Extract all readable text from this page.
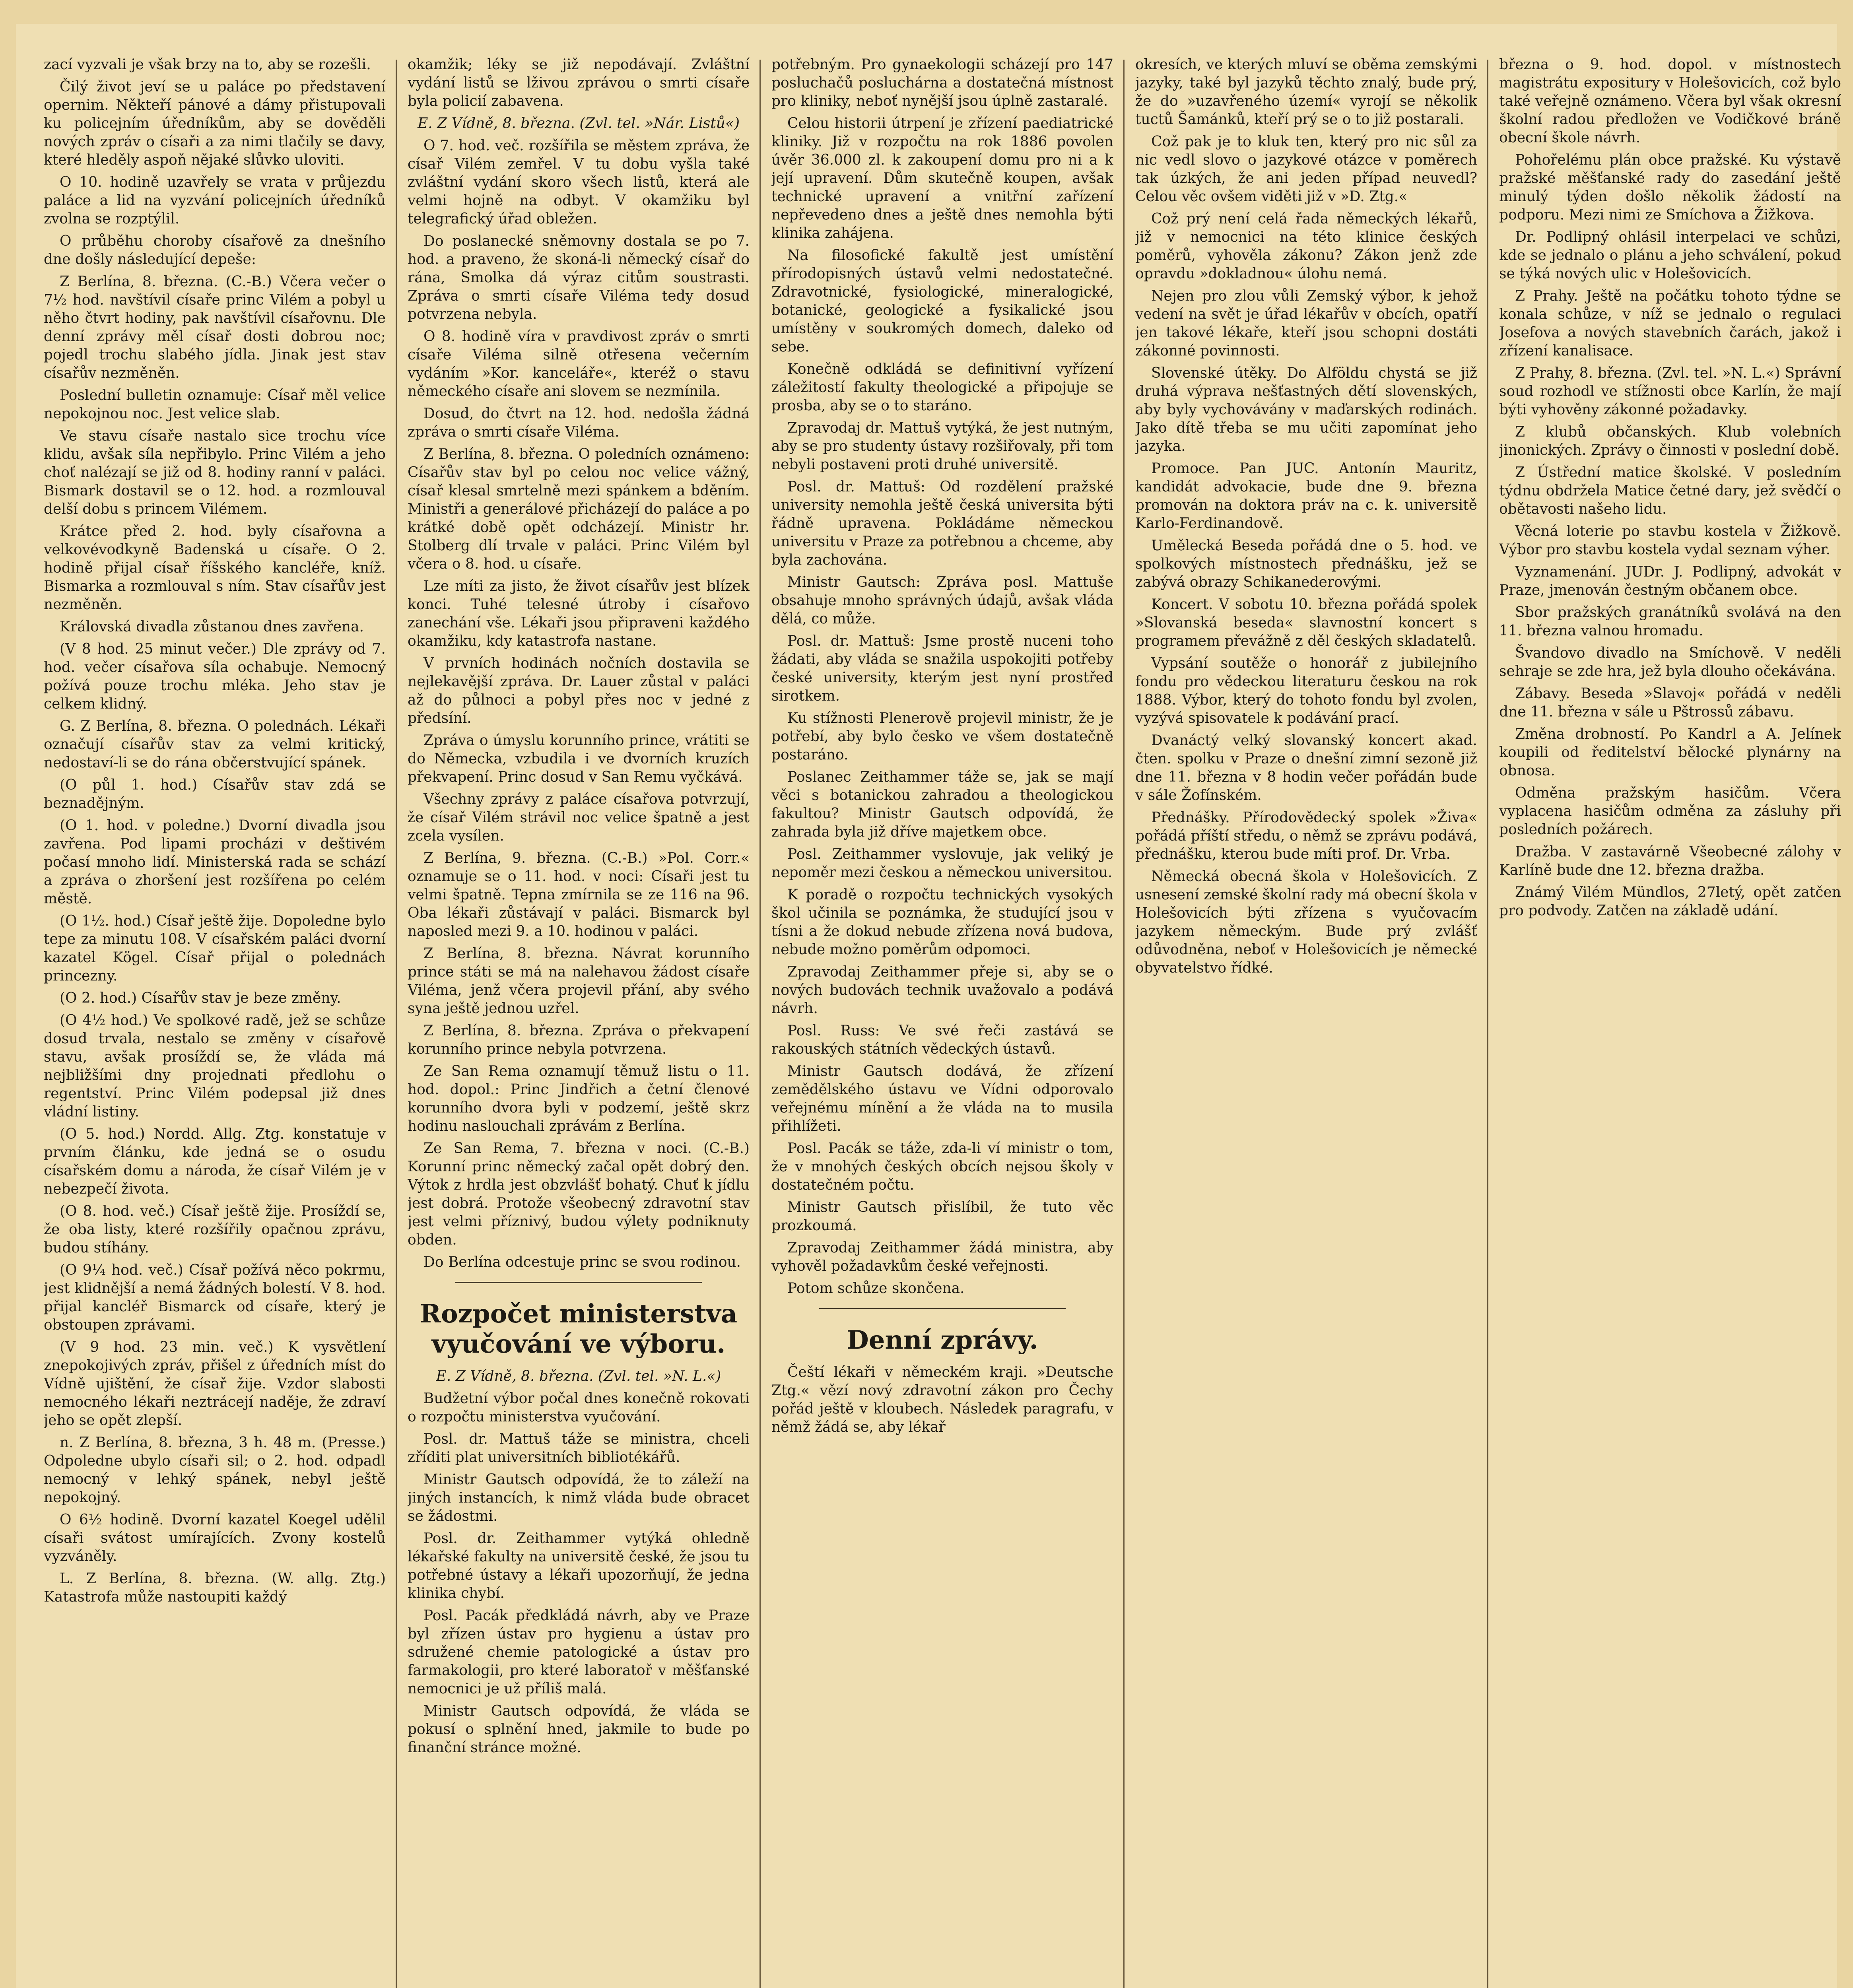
zací vyzvali je však brzy na to, aby se rozešli.

Čilý život jeví se u paláce po představení opernim. Někteří pánové a dámy přistupovali ku policejním úředníkům, aby se dověděli nových zpráv o císaři a za nimi tlačily se davy, které hleděly aspoň nějaké slůvko uloviti.

O 10. hodině uzavřely se vrata v průjezdu paláce a lid na vyzvání policejních úředníků zvolna se rozptýlil.

O průběhu choroby císařově za dnešního dne došly následující depeše:

Z Berlína, 8. března. (C.-B.) Včera večer o 7½ hod. navštívil císaře princ Vilém a pobyl u něho čtvrt hodiny, pak navštívil císařovnu. Dle denní zprávy měl císař dosti dobrou noc; pojedl trochu slabého jídla. Jinak jest stav císařův nezměněn.

Poslední bulletin oznamuje: Císař měl velice nepokojnou noc. Jest velice slab.

Ve stavu císaře nastalo sice trochu více klidu, avšak síla nepřibylo. Princ Vilém a jeho choť nalézají se již od 8. hodiny ranní v paláci. Bismark dostavil se o 12. hod. a rozmlouval delší dobu s princem Vilémem.

Krátce před 2. hod. byly císařovna a velkovévodkyně Badenská u císaře. O 2. hodině přijal císař říšského kancléře, kníž. Bismarka a rozmlouval s ním. Stav císařův jest nezměněn.

Královská divadla zůstanou dnes zavřena.

(V 8 hod. 25 minut večer.) Dle zprávy od 7. hod. večer císařova síla ochabuje. Nemocný požívá pouze trochu mléka. Jeho stav je celkem klidný.

G. Z Berlína, 8. března. O polednách. Lékaři označují císařův stav za velmi kritický, nedostaví-li se do rána občerstvující spánek.

(O půl 1. hod.) Císařův stav zdá se beznadějným.

(O 1. hod. v poledne.) Dvorní divadla jsou zavřena. Pod lipami procházi v deštivém počasí mnoho lidí. Ministerská rada se schází a zpráva o zhoršení jest rozšířena po celém městě.

(O 1½. hod.) Císař ještě žije. Dopoledne bylo tepe za minutu 108. V císařském paláci dvorní kazatel Kögel. Císař přijal o polednách princezny.

(O 2. hod.) Císařův stav je beze změny.

(O 4½ hod.) Ve spolkové radě, jež se schůze dosud trvala, nestalo se změny v císařově stavu, avšak prosíždí se, že vláda má nejbližšími dny projednati předlohu o regentství. Princ Vilém podepsal již dnes vládní listiny.

(O 5. hod.) Nordd. Allg. Ztg. konstatuje v prvním článku, kde jedná se o osudu císařském domu a národa, že císař Vilém je v nebezpečí života.

(O 8. hod. več.) Císař ještě žije. Prosíždí se, že oba listy, které rozšířily opačnou zprávu, budou stíhány.

(O 9¼ hod. več.) Císař požívá něco pokrmu, jest klidnější a nemá žádných bolestí. V 8. hod. přijal kancléř Bismarck od císaře, který je obstoupen zprávami.

(V 9 hod. 23 min. več.) K vysvětlení znepokojivých zpráv, přišel z úředních míst do Vídně ujištění, že císař žije. Vzdor slabosti nemocného lékaři neztrácejí naděje, že zdraví jeho se opět zlepší.

n. Z Berlína, 8. března, 3 h. 48 m. (Presse.) Odpoledne ubylo císaři sil; o 2. hod. odpadl nemocný v lehký spánek, nebyl ještě nepokojný.

O 6½ hodině. Dvorní kazatel Koegel udělil císaři svátost umírajících. Zvony kostelů vyzváněly.

L. Z Berlína, 8. března. (W. allg. Ztg.) Katastrofa může nastoupiti každý

okamžik; léky se již nepodávají. Zvláštní vydání listů se lživou zprávou o smrti císaře byla policií zabavena.

E. Z Vídně, 8. března. (Zvl. tel. »Nár. Listů«)

O 7. hod. več. rozšířila se městem zpráva, že císař Vilém zemřel. V tu dobu vyšla také zvláštní vydání skoro všech listů, která ale velmi hojně na odbyt. V okamžiku byl telegrafický úřad obležen.

Do poslanecké sněmovny dostala se po 7. hod. a praveno, že skoná-li německý císař do rána, Smolka dá výraz citům soustrasti. Zpráva o smrti císaře Viléma tedy dosud potvrzena nebyla.

O 8. hodině víra v pravdivost zpráv o smrti císaře Viléma silně otřesena večerním vydáním »Kor. kanceláře«, kteréž o stavu německého císaře ani slovem se nezmínila.

Dosud, do čtvrt na 12. hod. nedošla žádná zpráva o smrti císaře Viléma.

Z Berlína, 8. března. O poledních oznámeno: Císařův stav byl po celou noc velice vážný, císař klesal smrtelně mezi spánkem a bděním. Ministři a generálové přicházejí do paláce a po krátké době opět odcházejí. Ministr hr. Stolberg dlí trvale v paláci. Princ Vilém byl včera o 8. hod. u císaře.

Lze míti za jisto, že život císařův jest blízek konci. Tuhé telesné útroby i císařovo zanechání vše. Lékaři jsou připraveni každého okamžiku, kdy katastrofa nastane.

V prvních hodinách nočních dostavila se nejlekavější zpráva. Dr. Lauer zůstal v paláci až do půlnoci a pobyl přes noc v jedné z předsíní.

Zpráva o úmyslu korunního prince, vrátiti se do Německa, vzbudila i ve dvorních kruzích překvapení. Princ dosud v San Remu vyčkává.

Všechny zprávy z paláce císařova potvrzují, že císař Vilém strávil noc velice špatně a jest zcela vysílen.

Z Berlína, 9. března. (C.-B.) »Pol. Corr.« oznamuje se o 11. hod. v noci: Císaři jest tu velmi špatně. Tepna zmírnila se ze 116 na 96. Oba lékaři zůstávají v paláci. Bismarck byl naposled mezi 9. a 10. hodinou v paláci.

Z Berlína, 8. března. Návrat korunního prince státi se má na nalehavou žádost císaře Viléma, jenž včera projevil přání, aby svého syna ještě jednou uzřel.

Z Berlína, 8. března. Zpráva o překvapení korunního prince nebyla potvrzena.

Ze San Rema oznamují těmuž listu o 11. hod. dopol.: Princ Jindřich a četní členové korunního dvora byli v podzemí, ještě skrz hodinu naslouchali zprávám z Berlína.

Ze San Rema, 7. března v noci. (C.-B.) Korunní princ německý začal opět dobrý den. Výtok z hrdla jest obzvlášť bohatý. Chuť k jídlu jest dobrá. Protože všeobecný zdravotní stav jest velmi příznivý, budou výlety podniknuty obden.

Do Berlína odcestuje princ se svou rodinou.

Rozpočet ministerstva vyučování ve výboru.

E. Z Vídně, 8. března. (Zvl. tel. »N. L.«)

Budžetní výbor počal dnes konečně rokovati o rozpočtu ministerstva vyučování.

Posl. dr. Mattuš táže se ministra, chceli zříditi plat universitních bibliotékářů.

Ministr Gautsch odpovídá, že to záleží na jiných instancích, k nimž vláda bude obracet se žádostmi.

Posl. dr. Zeithammer vytýká ohledně lékařské fakulty na universitě české, že jsou tu potřebné ústavy a lékaři upozorňují, že jedna klinika chybí.

Posl. Pacák předkládá návrh, aby ve Praze byl zřízen ústav pro hygienu a ústav pro sdružené chemie patologické a ústav pro farmakologii, pro které laboratoř v měšťanské nemocnici je už příliš malá.

Ministr Gautsch odpovídá, že vláda se pokusí o splnění hned, jakmile to bude po finanční stránce možné.

potřebným. Pro gynaekologii scházejí pro 147 posluchačů posluchárna a dostatečná místnost pro kliniky, neboť nynější jsou úplně zastaralé.

Celou historii útrpení je zřízení paediatrické kliniky. Již v rozpočtu na rok 1886 povolen úvěr 36.000 zl. k zakoupení domu pro ni a k její upravení. Dům skutečně koupen, avšak technické upravení a vnitřní zařízení nepřevedeno dnes a ještě dnes nemohla býti klinika zahájena.

Na filosofické fakultě jest umístění přírodopisných ústavů velmi nedostatečné. Zdravotnické, fysiologické, mineralogické, botanické, geologické a fysikalické jsou umístěny v soukromých domech, daleko od sebe.

Konečně odkládá se definitivní vyřízení záležitostí fakulty theologické a připojuje se prosba, aby se o to staráno.

Zpravodaj dr. Mattuš vytýká, že jest nutným, aby se pro studenty ústavy rozšiřovaly, při tom nebyli postaveni proti druhé universitě.

Posl. dr. Mattuš: Od rozdělení pražské university nemohla ještě česká universita býti řádně upravena. Pokládáme německou universitu v Praze za potřebnou a chceme, aby byla zachována.

Ministr Gautsch: Zpráva posl. Mattuše obsahuje mnoho správných údajů, avšak vláda dělá, co může.

Posl. dr. Mattuš: Jsme prostě nuceni toho žádati, aby vláda se snažila uspokojiti potřeby české university, kterým jest nyní prostřed sirotkem.

Ku stížnosti Plenerově projevil ministr, že je potřebí, aby bylo česko ve všem dostatečně postaráno.

Poslanec Zeithammer táže se, jak se mají věci s botanickou zahradou a theologickou fakultou? Ministr Gautsch odpovídá, že zahrada byla již dříve majetkem obce.

Posl. Zeithammer vyslovuje, jak veliký je nepoměr mezi českou a německou universitou.

K poradě o rozpočtu technických vysokých škol učinila se poznámka, že studující jsou v tísni a že dokud nebude zřízena nová budova, nebude možno poměrům odpomoci.

Zpravodaj Zeithammer přeje si, aby se o nových budovách technik uvažovalo a podává návrh.

Posl. Russ: Ve své řeči zastává se rakouských státních vědeckých ústavů.

Ministr Gautsch dodává, že zřízení zemědělského ústavu ve Vídni odporovalo veřejnému mínění a že vláda na to musila přihlížeti.

Posl. Pacák se táže, zda-li ví ministr o tom, že v mnohých českých obcích nejsou školy v dostatečném počtu.

Ministr Gautsch přislíbil, že tuto věc prozkoumá.

Zpravodaj Zeithammer žádá ministra, aby vyhověl požadavkům české veřejnosti.

Potom schůze skončena.

Denní zprávy.

Čeští lékaři v německém kraji. »Deutsche Ztg.« vězí nový zdravotní zákon pro Čechy pořád ještě v kloubech. Následek paragrafu, v němž žádá se, aby lékař

okresích, ve kterých mluví se oběma zemskými jazyky, také byl jazyků těchto znalý, bude prý, že do »uzavřeného území« vyrojí se několik tuctů Šamánků, kteří prý se o to již postarali.

Což pak je to kluk ten, který pro nic sůl za nic vedl slovo o jazykové otázce v poměrech tak úzkých, že ani jeden případ neuvedl? Celou věc ovšem viděti již v »D. Ztg.«

Což prý není celá řada německých lékařů, již v nemocnici na této klinice českých poměrů, vyhověla zákonu? Zákon jenž zde opravdu »dokladnou« úlohu nemá.

Nejen pro zlou vůli Zemský výbor, k jehož vedení na svět je úřad lékařův v obcích, opatří jen takové lékaře, kteří jsou schopni dostáti zákonné povinnosti.

Slovenské útěky. Do Alföldu chystá se již druhá výprava nešťastných dětí slovenských, aby byly vychovávány v maďarských rodinách. Jako dítě třeba se mu učiti zapomínat jeho jazyka.

Promoce. Pan JUC. Antonín Mauritz, kandidát advokacie, bude dne 9. března promován na doktora práv na c. k. universitě Karlo-Ferdinandově.

Umělecká Beseda pořádá dne o 5. hod. ve spolkových místnostech přednášku, jež se zabývá obrazy Schikanederovými.

Koncert. V sobotu 10. března pořádá spolek »Slovanská beseda« slavnostní koncert s programem převážně z děl českých skladatelů.

Vypsání soutěže o honorář z jubilejního fondu pro vědeckou literaturu českou na rok 1888. Výbor, který do tohoto fondu byl zvolen, vyzývá spisovatele k podávání prací.

Dvanáctý velký slovanský koncert akad. čten. spolku v Praze o dnešní zimní sezoně již dne 11. března v 8 hodin večer pořádán bude v sále Žofínském.

Přednášky. Přírodovědecký spolek »Živa« pořádá příští středu, o němž se zprávu podává, přednášku, kterou bude míti prof. Dr. Vrba.

Německá obecná škola v Holešovicích. Z usnesení zemské školní rady má obecní škola v Holešovicích býti zřízena s vyučovacím jazykem německým. Bude prý zvlášť odůvodněna, neboť v Holešovicích je německé obyvatelstvo řídké.

března o 9. hod. dopol. v místnostech magistrátu expositury v Holešovicích, což bylo také veřejně oznámeno. Včera byl však okresní školní radou předložen ve Vodičkové bráně obecní škole návrh.

Pohořelému plán obce pražské. Ku výstavě pražské měšťanské rady do zasedání ještě minulý týden došlo několik žádostí na podporu. Mezi nimi ze Smíchova a Žižkova.

Dr. Podlipný ohlásil interpelaci ve schůzi, kde se jednalo o plánu a jeho schválení, pokud se týká nových ulic v Holešovicích.

Z Prahy. Ještě na počátku tohoto týdne se konala schůze, v níž se jednalo o regulaci Josefova a nových stavebních čarách, jakož i zřízení kanalisace.

Z Prahy, 8. března. (Zvl. tel. »N. L.«) Správní soud rozhodl ve stížnosti obce Karlín, že mají býti vyhověny zákonné požadavky.

Z klubů občanských. Klub volebních jinonických. Zprávy o činnosti v poslední době.

Z Ústřední matice školské. V posledním týdnu obdržela Matice četné dary, jež svědčí o obětavosti našeho lidu.

Věcná loterie po stavbu kostela v Žižkově. Výbor pro stavbu kostela vydal seznam výher.

Vyznamenání. JUDr. J. Podlipný, advokát v Praze, jmenován čestným občanem obce.

Sbor pražských granátníků svolává na den 11. března valnou hromadu.

Švandovo divadlo na Smíchově. V neděli sehraje se zde hra, jež byla dlouho očekávána.

Zábavy. Beseda »Slavoj« pořádá v neděli dne 11. března v sále u Pštrossů zábavu.

Změna drobností. Po Kandrl a A. Jelínek koupili od ředitelství bělocké plynárny na obnosa.

Odměna pražským hasičům. Včera vyplacena hasičům odměna za zásluhy při posledních požárech.

Dražba. V zastavárně Všeobecné zálohy v Karlíně bude dne 12. března dražba.

Známý Vilém Mündlos, 27letý, opět zatčen pro podvody. Zatčen na základě udání.
